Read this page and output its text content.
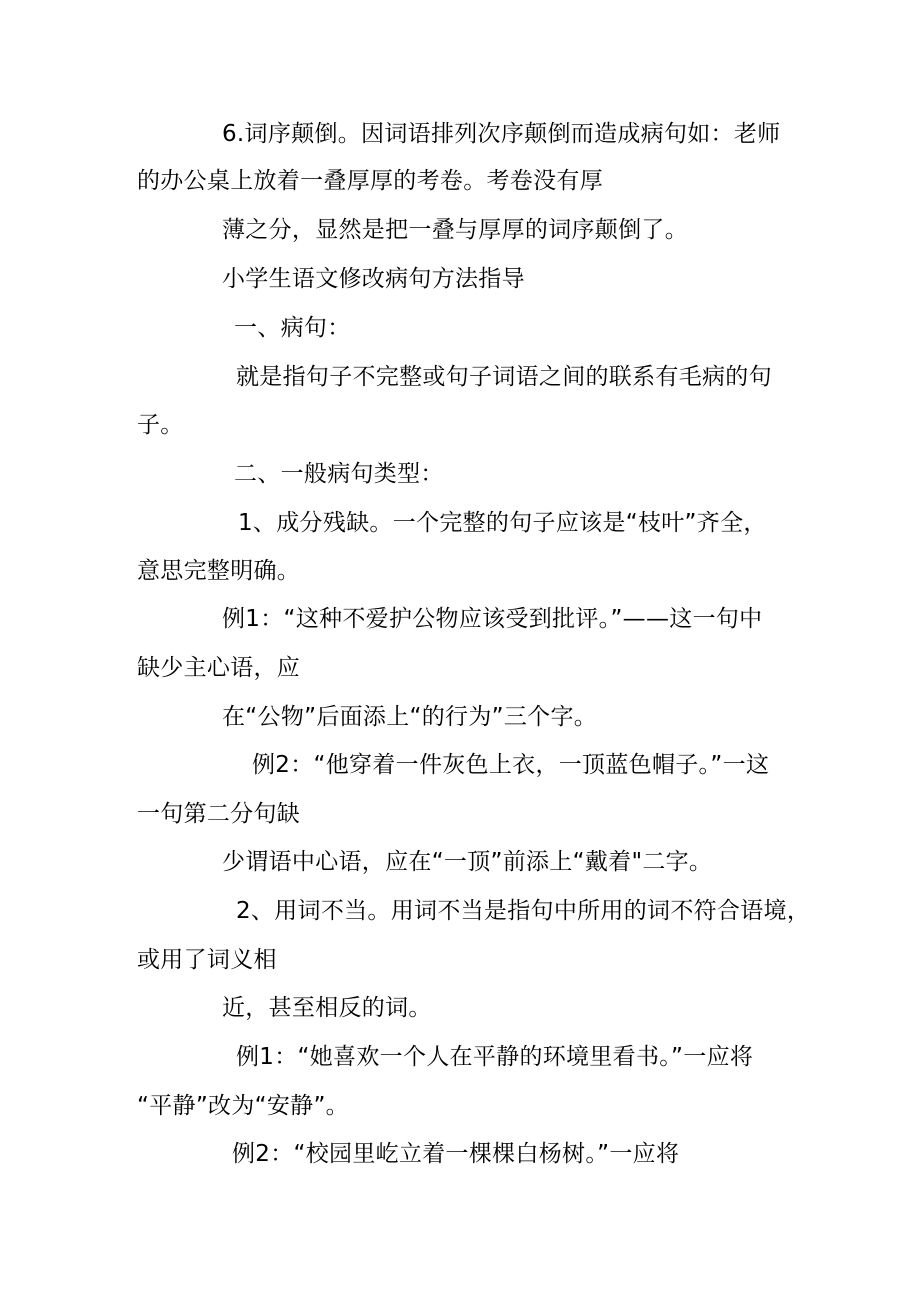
6.词序颠倒。因词语排列次序颠倒而造成病句如：老师
的办公桌上放着一叠厚厚的考卷。考卷没有厚
薄之分，显然是把一叠与厚厚的词序颠倒了。
小学生语文修改病句方法指导
一、病句：
就是指句子不完整或句子词语之间的联系有毛病的句
子。
二、一般病句类型：
1、成分残缺。一个完整的句子应该是“枝叶”齐全，
意思完整明确。
例1：“这种不爱护公物应该受到批评。”——这一句中
缺少主心语，应
在“公物”后面添上“的行为”三个字。
例2：“他穿着一件灰色上衣，一顶蓝色帽子。”一这
一句第二分句缺
少谓语中心语，应在“一顶”前添上“戴着"二字。
2、用词不当。用词不当是指句中所用的词不符合语境，
或用了词义相
近，甚至相反的词。
例1：“她喜欢一个人在平静的环境里看书。”一应将
“平静”改为“安静”。
例2：“校园里屹立着一棵棵白杨树。”一应将
